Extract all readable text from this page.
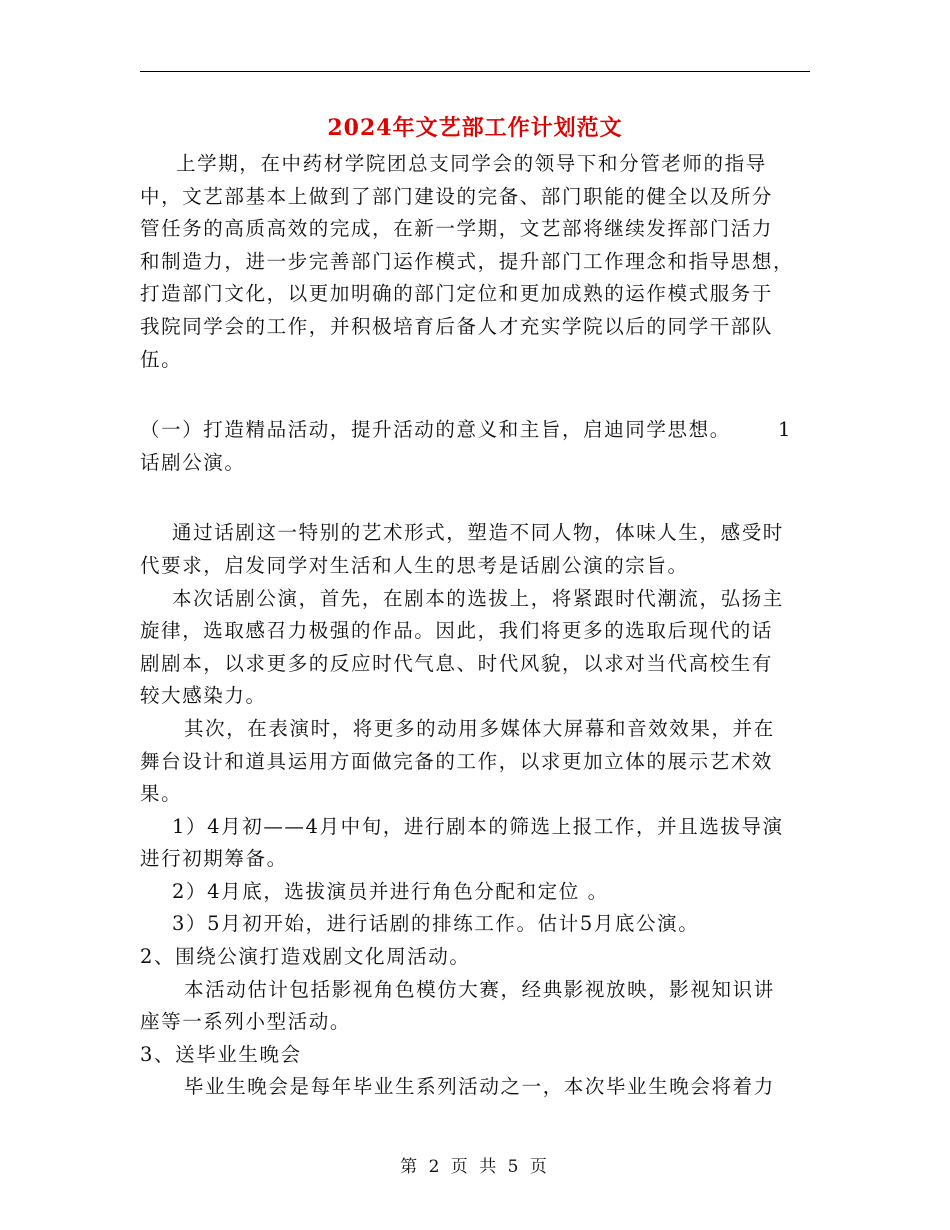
2024年文艺部工作计划范文
上学期，在中药材学院团总支同学会的领导下和分管老师的指导
中，文艺部基本上做到了部门建设的完备、部门职能的健全以及所分
管任务的高质高效的完成，在新一学期，文艺部将继续发挥部门活力
和制造力，进一步完善部门运作模式，提升部门工作理念和指导思想，
打造部门文化，以更加明确的部门定位和更加成熟的运作模式服务于
我院同学会的工作，并积极培育后备人才充实学院以后的同学干部队
伍。
（一）打造精品活动，提升活动的意义和主旨，启迪同学思想。 1
话剧公演。
通过话剧这一特别的艺术形式，塑造不同人物，体味人生，感受时
代要求，启发同学对生活和人生的思考是话剧公演的宗旨。
本次话剧公演，首先，在剧本的选拔上，将紧跟时代潮流，弘扬主
旋律，选取感召力极强的作品。因此，我们将更多的选取后现代的话
剧剧本，以求更多的反应时代气息、时代风貌，以求对当代高校生有
较大感染力。
其次，在表演时，将更多的动用多媒体大屏幕和音效效果，并在
舞台设计和道具运用方面做完备的工作，以求更加立体的展示艺术效
果。
1）4月初——4月中旬，进行剧本的筛选上报工作，并且选拔导演
进行初期筹备。
2）4月底，选拔演员并进行角色分配和定位 。
3）5月初开始，进行话剧的排练工作。估计5月底公演。
2、围绕公演打造戏剧文化周活动。
本活动估计包括影视角色模仿大赛，经典影视放映，影视知识讲
座等一系列小型活动。
3、送毕业生晚会
毕业生晚会是每年毕业生系列活动之一，本次毕业生晚会将着力
第 2 页 共 5 页
